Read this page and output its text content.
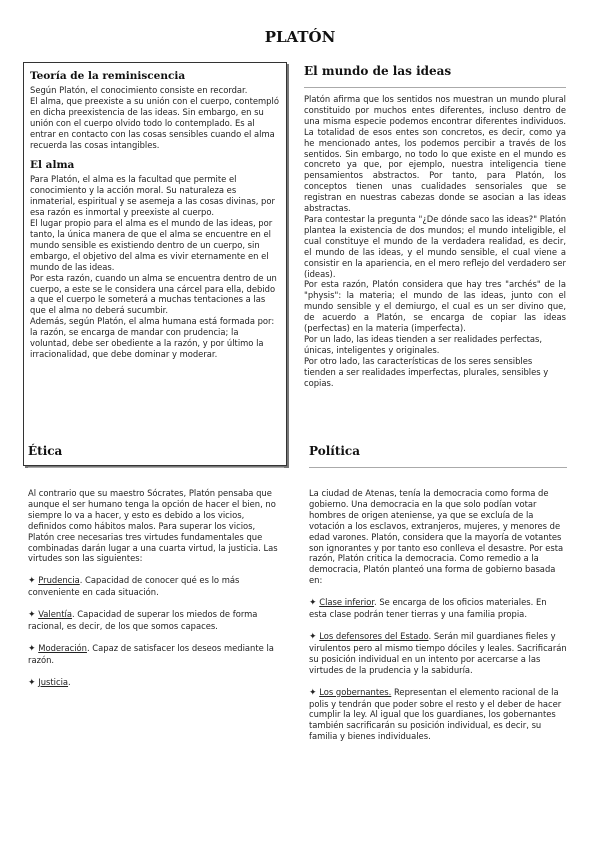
PLATÓN
Teoría de la reminiscencia

Según Platón, el conocimiento consiste en recordar.

El alma, que preexiste a su unión con el cuerpo, contempló en dicha preexistencia de las ideas. Sin embargo, en su unión con el cuerpo olvido todo lo contemplado. Es al entrar en contacto con las cosas sensibles cuando el alma recuerda las cosas intangibles.

El alma

Para Platón, el alma es la facultad que permite el conocimiento y la acción moral. Su naturaleza es inmaterial, espiritual y se asemeja a las cosas divinas, por esa razón es inmortal y preexiste al cuerpo.

El lugar propio para el alma es el mundo de las ideas, por tanto, la única manera de que el alma se encuentre en el mundo sensible es existiendo dentro de un cuerpo, sin embargo, el objetivo del alma es vivir eternamente en el mundo de las ideas.

Por esta razón, cuando un alma se encuentra dentro de un cuerpo, a este se le considera una cárcel para ella, debido a que el cuerpo le someterá a muchas tentaciones a las que el alma no deberá sucumbir.

Además, según Platón, el alma humana está formada por: la razón, se encarga de mandar con prudencia; la voluntad, debe ser obediente a la razón, y por último la irracionalidad, que debe dominar y moderar.

El mundo de las ideas

Platón afirma que los sentidos nos muestran un mundo plural constituido por muchos entes diferentes, incluso dentro de una misma especie podemos encontrar diferentes individuos. La totalidad de esos entes son concretos, es decir, como ya he mencionado antes, los podemos percibir a través de los sentidos. Sin embargo, no todo lo que existe en el mundo es concreto ya que, por ejemplo, nuestra inteligencia tiene pensamientos abstractos. Por tanto, para Platón, los conceptos tienen unas cualidades sensoriales que se registran en nuestras cabezas donde se asocian a las ideas abstractas.

Para contestar la pregunta "¿De dónde saco las ideas?" Platón plantea la existencia de dos mundos; el mundo inteligible, el cual constituye el mundo de la verdadera realidad, es decir, el mundo de las ideas, y el mundo sensible, el cual viene a consistir en la apariencia, en el mero reflejo del verdadero ser (ideas).

Por esta razón, Platón considera que hay tres "archés" de la "physis": la materia; el mundo de las ideas, junto con el mundo sensible y el demiurgo, el cual es un ser divino que, de acuerdo a Platón, se encarga de copiar las ideas (perfectas) en la materia (imperfecta).

Por un lado, las ideas tienden a ser realidades perfectas, únicas, inteligentes y originales.

Por otro lado, las características de los seres sensibles tienden a ser realidades imperfectas, plurales, sensibles y copias.

Ética

Al contrario que su maestro Sócrates, Platón pensaba que aunque el ser humano tenga la opción de hacer el bien, no siempre lo va a hacer, y esto es debido a los vicios, definidos como hábitos malos. Para superar los vicios, Platón cree necesarias tres virtudes fundamentales que combinadas darán lugar a una cuarta virtud, la justicia. Las virtudes son las siguientes:

✦ Prudencia. Capacidad de conocer qué es lo más conveniente en cada situación.

✦ Valentía. Capacidad de superar los miedos de forma racional, es decir, de los que somos capaces.

✦ Moderación. Capaz de satisfacer los deseos mediante la razón.

✦ Justicia.

Política

La ciudad de Atenas, tenía la democracia como forma de gobierno. Una democracia en la que solo podían votar hombres de origen ateniense, ya que se excluía de la votación a los esclavos, extranjeros, mujeres, y menores de edad varones. Platón, considera que la mayoría de votantes son ignorantes y por tanto eso conlleva el desastre. Por esta razón, Platón critica la democracia. Como remedio a la democracia, Platón planteó una forma de gobierno basada en:

✦ Clase inferior. Se encarga de los oficios materiales. En esta clase podrán tener tierras y una familia propia.

✦ Los defensores del Estado. Serán mil guardianes fieles y virulentos pero al mismo tiempo dóciles y leales. Sacrificarán su posición individual en un intento por acercarse a las virtudes de la prudencia y la sabiduría.

✦ Los gobernantes. Representan el elemento racional de la polis y tendrán que poder sobre el resto y el deber de hacer cumplir la ley. Al igual que los guardianes, los gobernantes también sacrificarán su posición individual, es decir, su familia y bienes individuales.
